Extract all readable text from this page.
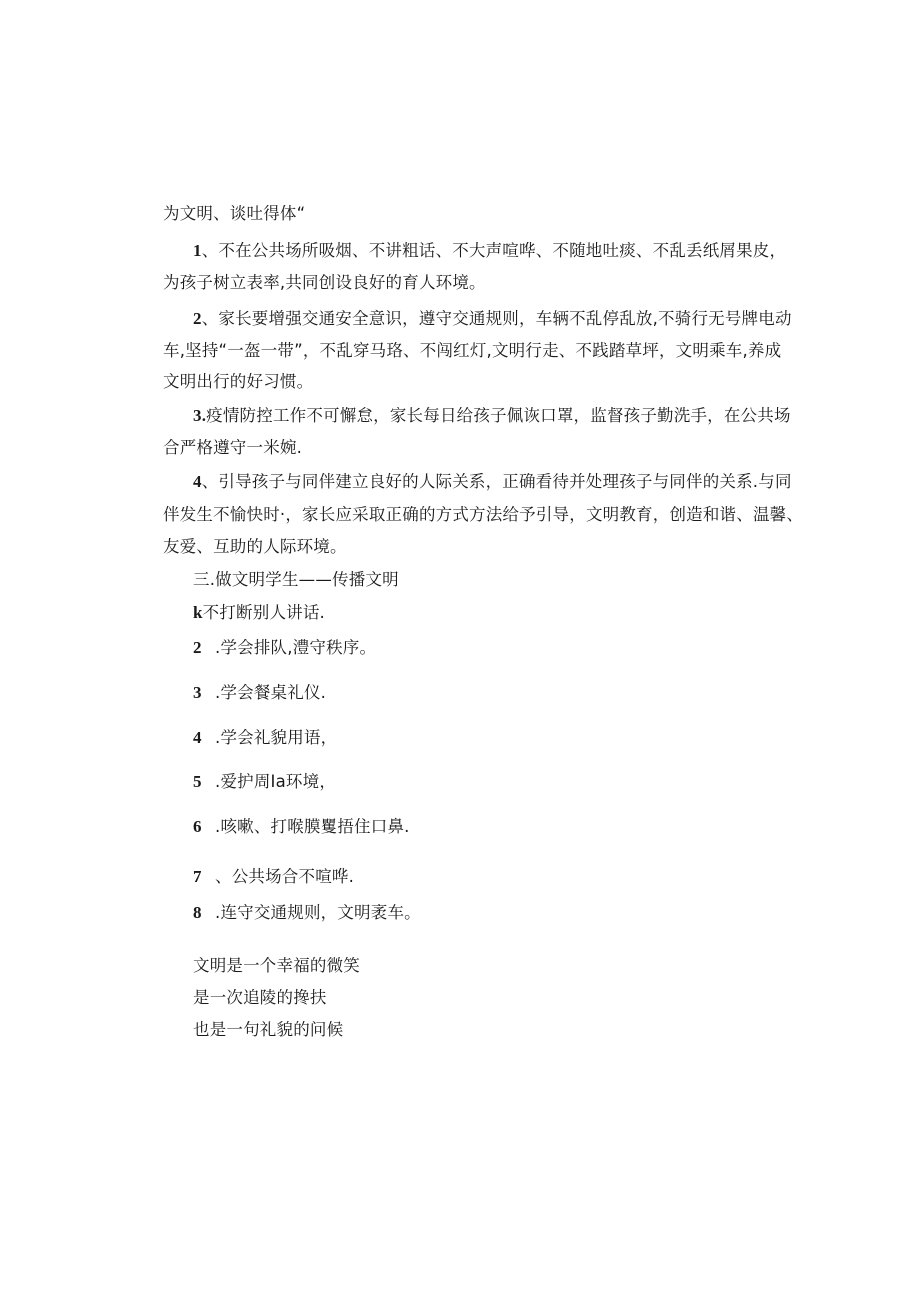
为文明、谈吐得体“
1、不在公共场所吸烟、不讲粗话、不大声喧哗、不随地吐痰、不乱丢纸屑果皮，
为孩子树立表率,共同创设良好的育人环境。
2、家长要增强交通安全意识，遵守交通规则，车辆不乱停乱放,不骑行无号牌电动
车,坚持“一盔一带”，不乱穿马珞、不闯红灯,文明行走、不践踏草坪，文明乘车,养成
文明出行的好习惯。
3.疫情防控工作不可懈怠，家长每日给孩子佩诙口罩，监督孩子勤洗手，在公共场
合严格遵守一米婉.
4、引导孩子与同伴建立良好的人际关系，正确看待并处理孩子与同伴的关系.与同
伴发生不愉快时·，家长应采取正确的方式方法给予引导，文明教育，创造和谐、温馨、
友爱、互助的人际环境。
三.做文明学生——传播文明
k不打断别人讲话.
2 .学会排队,澧守秩序。
3 .学会餐桌礼仪.
4 .学会礼貌用语，
5 .爱护周Ia环境，
6 .咳嗽、打喉膜矍捂住口鼻.
7 、公共场合不喧哗.
8 .连守交通规则，文明袤车。
文明是一个幸福的微笑
是一次追陵的搀扶
也是一句礼貌的问候
